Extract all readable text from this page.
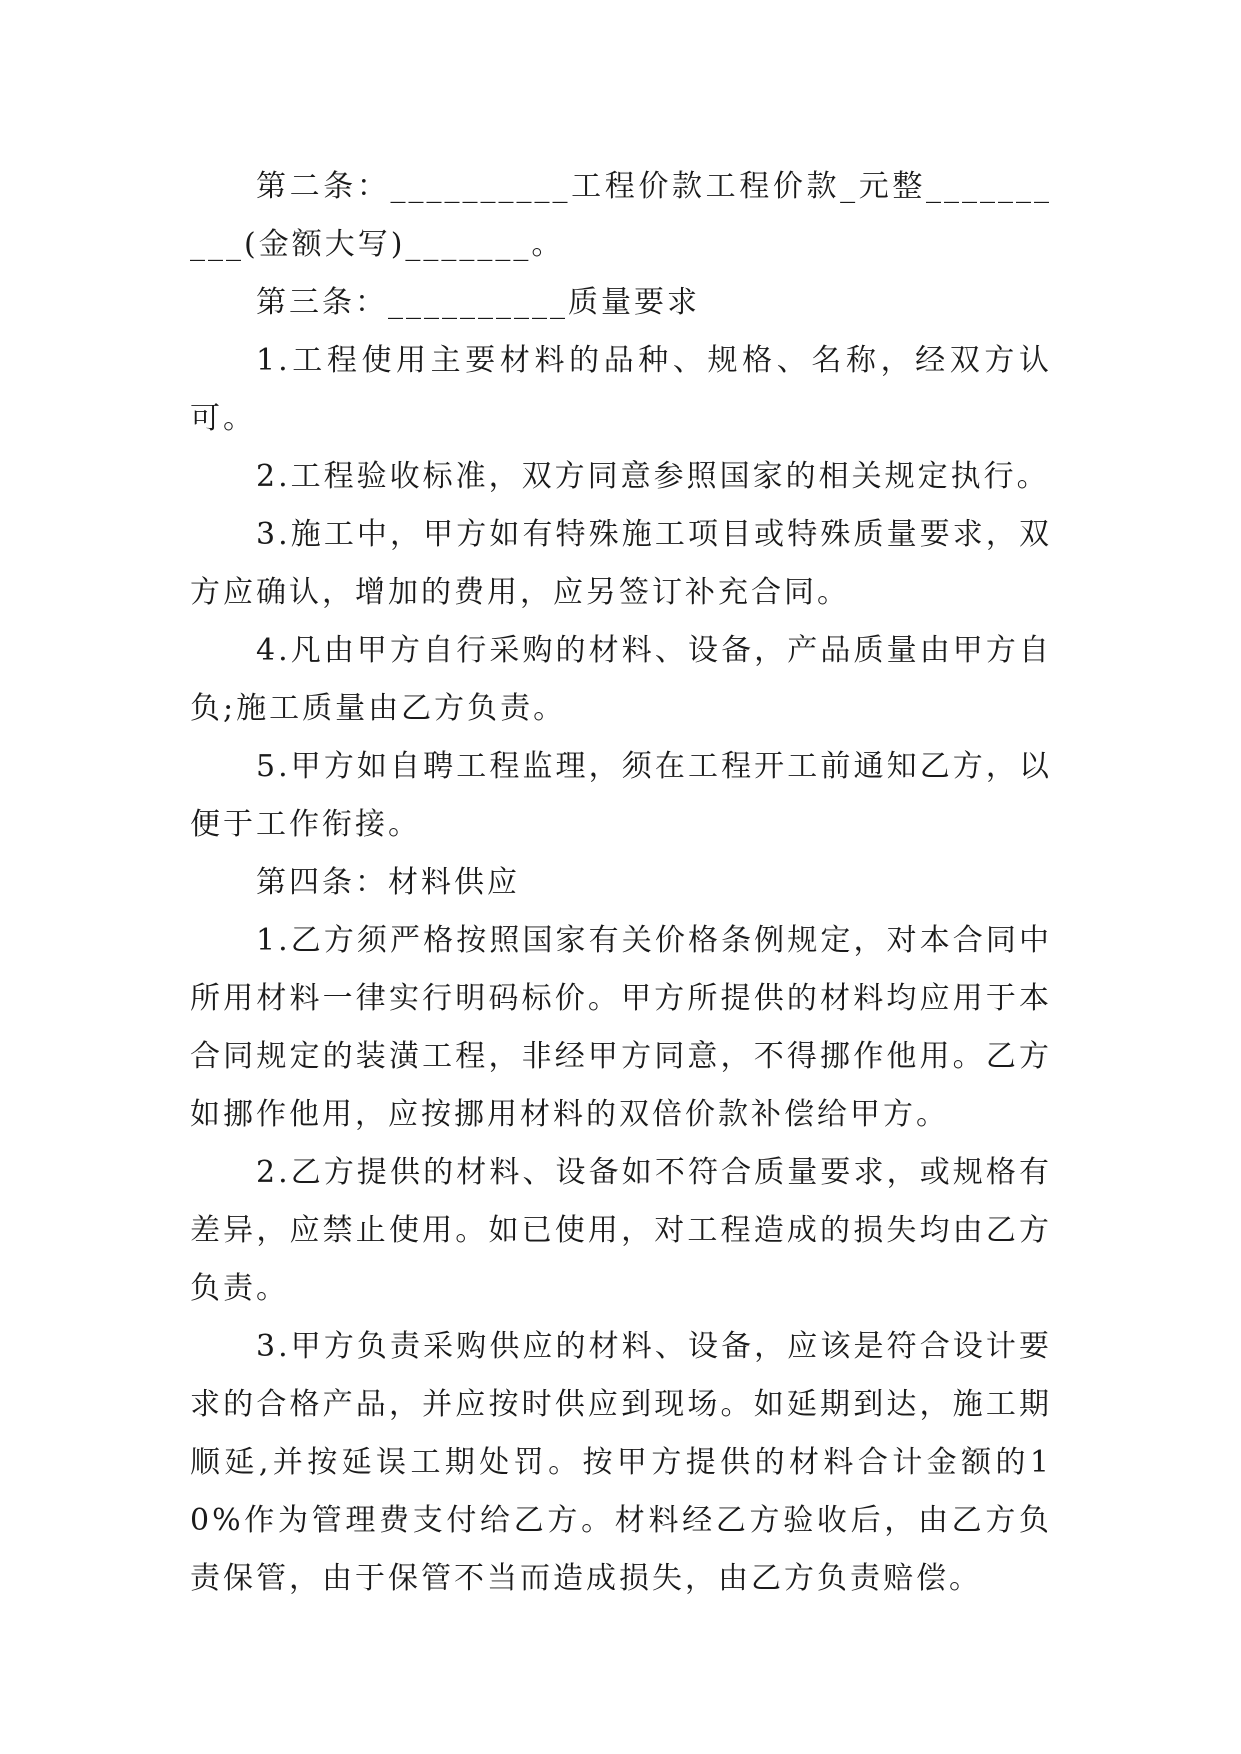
第二条：__________工程价款工程价款_元整__________(金额大写)_______。

第三条：__________质量要求

1.工程使用主要材料的品种、规格、名称，经双方认可。

2.工程验收标准，双方同意参照国家的相关规定执行。

3.施工中，甲方如有特殊施工项目或特殊质量要求，双方应确认，增加的费用，应另签订补充合同。

4.凡由甲方自行采购的材料、设备，产品质量由甲方自负;施工质量由乙方负责。

5.甲方如自聘工程监理，须在工程开工前通知乙方，以便于工作衔接。

第四条：材料供应

1.乙方须严格按照国家有关价格条例规定，对本合同中所用材料一律实行明码标价。甲方所提供的材料均应用于本合同规定的装潢工程，非经甲方同意，不得挪作他用。乙方如挪作他用，应按挪用材料的双倍价款补偿给甲方。

2.乙方提供的材料、设备如不符合质量要求，或规格有差异，应禁止使用。如已使用，对工程造成的损失均由乙方负责。

3.甲方负责采购供应的材料、设备，应该是符合设计要求的合格产品，并应按时供应到现场。如延期到达，施工期顺延,并按延误工期处罚。按甲方提供的材料合计金额的10%作为管理费支付给乙方。材料经乙方验收后，由乙方负责保管，由于保管不当而造成损失，由乙方负责赔偿。
